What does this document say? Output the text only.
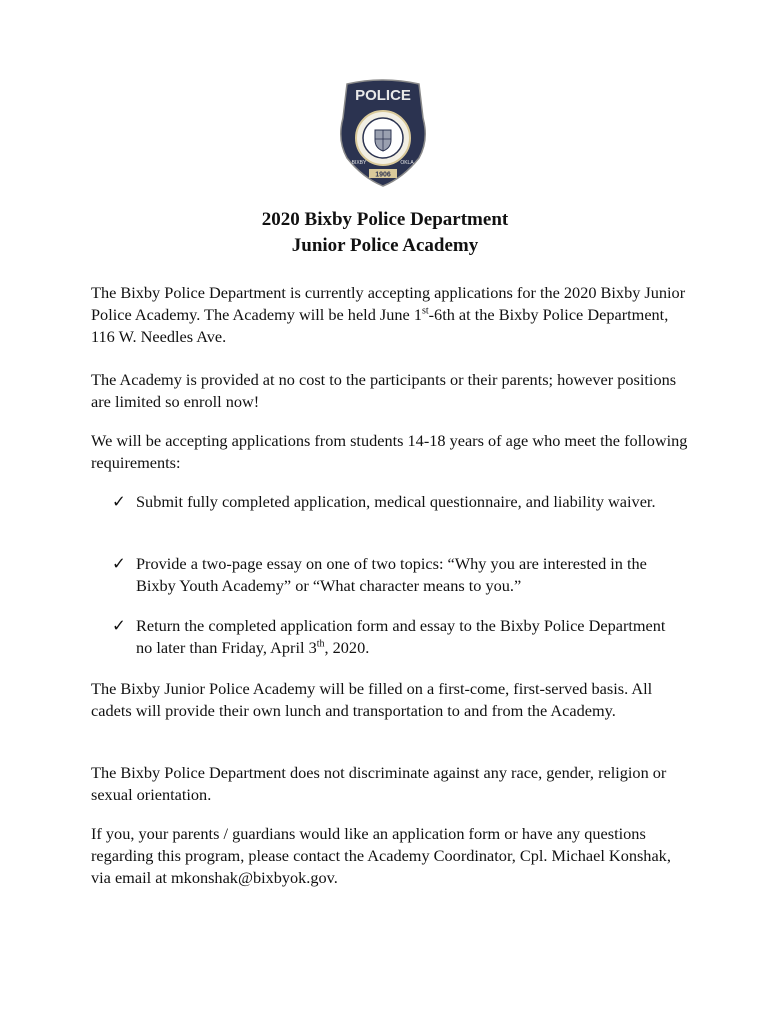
POLICE
BIXBY	OKLA
1906
2020 Bixby Police Department
Junior Police Academy

The Bixby Police Department is currently accepting applications for the 2020 Bixby Junior Police Academy. The Academy will be held June 1st-6th at the Bixby Police Department, 116 W. Needles Ave.

The Academy is provided at no cost to the participants or their parents; however positions are limited so enroll now!

We will be accepting applications from students 14-18 years of age who meet the following requirements:

✓ Submit fully completed application, medical questionnaire, and liability waiver.
✓ Provide a two-page essay on one of two topics: “Why you are interested in the Bixby Youth Academy” or “What character means to you.”
✓ Return the completed application form and essay to the Bixby Police Department no later than Friday, April 3th, 2020.

The Bixby Junior Police Academy will be filled on a first-come, first-served basis. All cadets will provide their own lunch and transportation to and from the Academy.

The Bixby Police Department does not discriminate against any race, gender, religion or sexual orientation.

If you, your parents / guardians would like an application form or have any questions regarding this program, please contact the Academy Coordinator, Cpl. Michael Konshak, via email at mkonshak@bixbyok.gov.
